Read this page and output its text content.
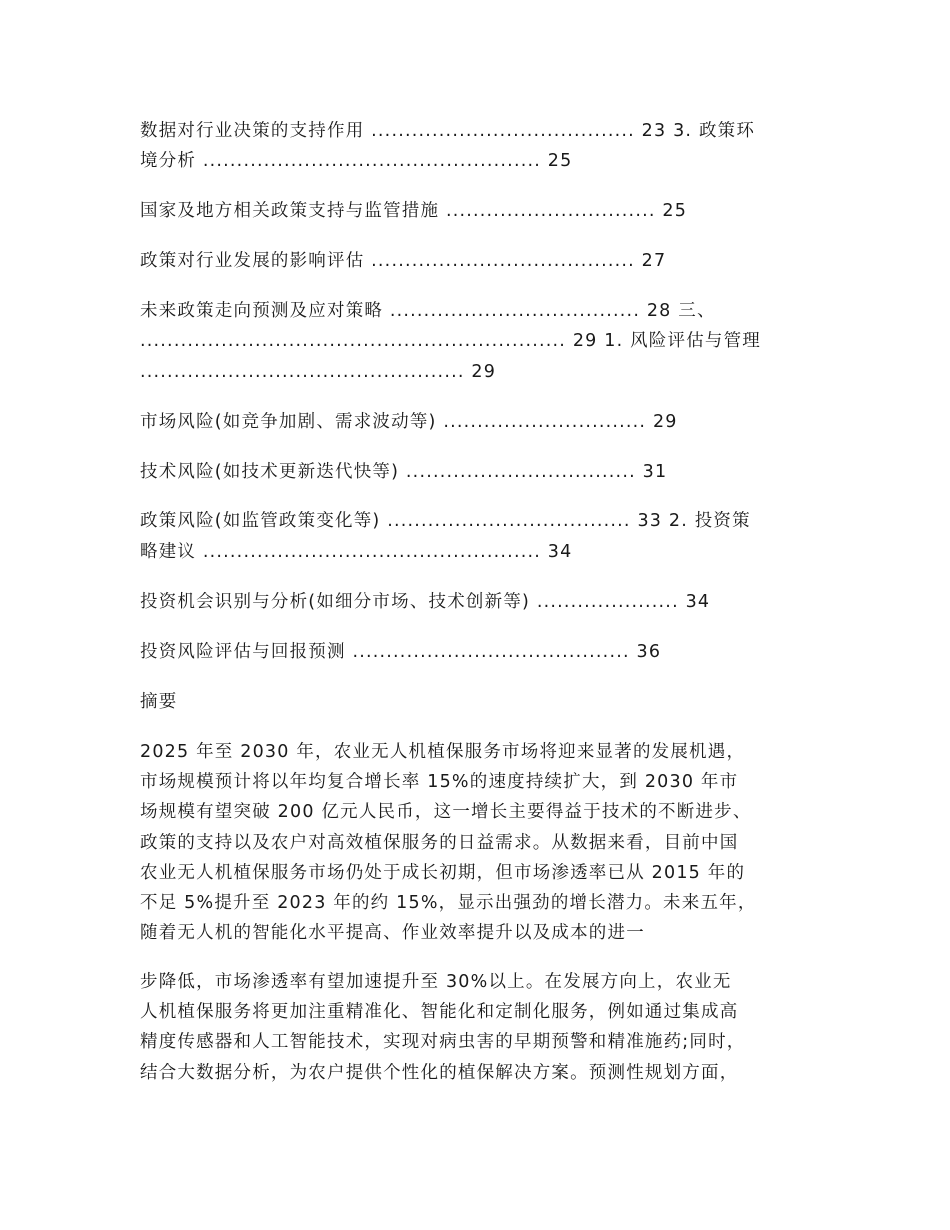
数据对行业决策的支持作用 ....................................... 23 3. 政策环
境分析 .................................................. 25
国家及地方相关政策支持与监管措施 ............................... 25
政策对行业发展的影响评估 ....................................... 27
未来政策走向预测及应对策略 ..................................... 28 三、
............................................................... 29 1. 风险评估与管理
................................................ 29
市场风险(如竞争加剧、需求波动等) .............................. 29
技术风险(如技术更新迭代快等) .................................. 31
政策风险(如监管政策变化等) .................................... 33 2. 投资策
略建议 .................................................. 34
投资机会识别与分析(如细分市场、技术创新等) ..................... 34
投资风险评估与回报预测 ......................................... 36
摘要
2025 年至 2030 年，农业无人机植保服务市场将迎来显著的发展机遇，
市场规模预计将以年均复合增长率 15%的速度持续扩大，到 2030 年市
场规模有望突破 200 亿元人民币，这一增长主要得益于技术的不断进步、
政策的支持以及农户对高效植保服务的日益需求。从数据来看，目前中国
农业无人机植保服务市场仍处于成长初期，但市场渗透率已从 2015 年的
不足 5%提升至 2023 年的约 15%，显示出强劲的增长潜力。未来五年，
随着无人机的智能化水平提高、作业效率提升以及成本的进一
步降低，市场渗透率有望加速提升至 30%以上。在发展方向上，农业无
人机植保服务将更加注重精准化、智能化和定制化服务，例如通过集成高
精度传感器和人工智能技术，实现对病虫害的早期预警和精准施药;同时，
结合大数据分析，为农户提供个性化的植保解决方案。预测性规划方面，
